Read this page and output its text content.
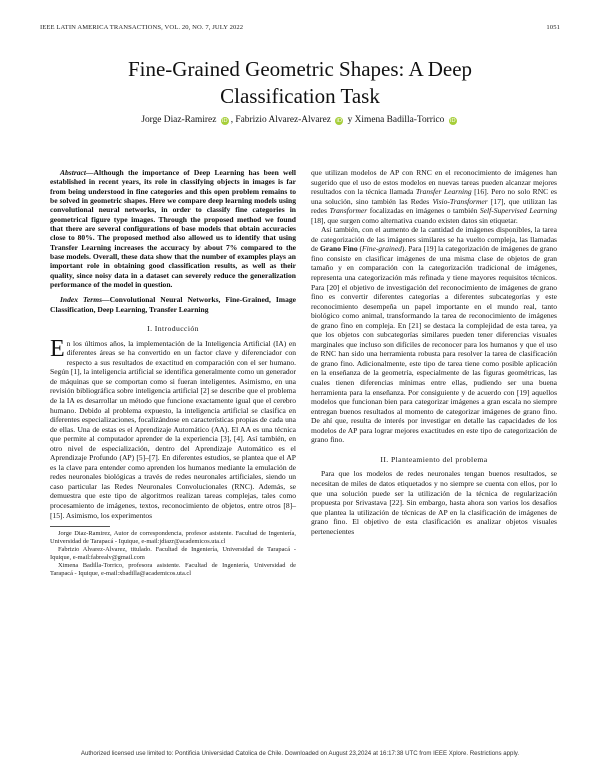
IEEE LATIN AMERICA TRANSACTIONS, VOL. 20, NO. 7, JULY 2022	1051
Fine-Grained Geometric Shapes: A Deep
Classification Task
Jorge Diaz-Ramirez iD , Fabrizio Alvarez-Alvarez iD y Ximena Badilla-Torrico iD

Abstract—Although the importance of Deep Learning has been well established in recent years, its role in classifying objects in images is far from being understood in fine categories and this open problem remains to be solved in geometric shapes. Here we compare deep learning models using convolutional neural networks, in order to classify fine categories in geometrical figure type images. Through the proposed method we found that there are several configurations of base models that obtain accuracies close to 80%. The proposed method also allowed us to identify that using Transfer Learning increases the accuracy by about 7% compared to the base models. Overall, these data show that the number of examples plays an important role in obtaining good classification results, as well as their quality, since noisy data in a dataset can severely reduce the generalization performance of the model in question.

Index Terms—Convolutional Neural Networks, Fine-Grained, Image Classification, Deep Learning, Transfer Learning

I. Introducción

En los últimos años, la implementación de la Inteligencia Artificial (IA) en diferentes áreas se ha convertido en un factor clave y diferenciador con respecto a sus resultados de exactitud en comparación con el ser humano. Según [1], la inteligencia artificial se identifica generalmente como un generador de máquinas que se comportan como si fueran inteligentes. Asimismo, en una revisión bibliográfica sobre inteligencia artificial [2] se describe que el problema de la IA es desarrollar un método que funcione exactamente igual que el cerebro humano. Debido al problema expuesto, la inteligencia artificial se clasifica en diferentes especializaciones, focalizándose en características propias de cada una de ellas. Una de estas es el Aprendizaje Automático (AA). El AA es una técnica que permite al computador aprender de la experiencia [3], [4]. Así también, en otro nivel de especialización, dentro del Aprendizaje Automático es el Aprendizaje Profundo (AP) [5]–[7]. En diferentes estudios, se plantea que el AP es la clave para entender como aprenden los humanos mediante la emulación de redes neuronales biológicas a través de redes neuronales artificiales, siendo un caso particular las Redes Neuronales Convolucionales (RNC). Además, se demuestra que este tipo de algoritmos realizan tareas complejas, tales como procesamiento de imágenes, textos, reconocimiento de objetos, entre otros [8]–[15]. Asimismo, los experimentos

Jorge Diaz-Ramirez, Autor de correspondencia, profesor asistente. Facultad de Ingeniería, Universidad de Tarapacá - Iquique, e-mail:jdiazr@academicos.uta.cl

Fabrizio Alvarez-Alvarez, titulado. Facultad de Ingeniería, Universidad de Tarapacá - Iquique, e-mail:fabrealv@gmail.com

Ximena Badilla-Torrico, profesora asistente. Facultad de Ingeniería, Universidad de Tarapacá - Iquique, e-mail:xbadilla@academicos.uta.cl

que utilizan modelos de AP con RNC en el reconocimiento de imágenes han sugerido que el uso de estos modelos en nuevas tareas pueden alcanzar mejores resultados con la técnica llamada Transfer Learning [16]. Pero no solo RNC es una solución, sino también las Redes Visio-Transformer [17], que utilizan las redes Transformer focalizadas en imágenes o también Self-Supervised Learning [18], que surgen como alternativa cuando existen datos sin etiquetar.

Así también, con el aumento de la cantidad de imágenes disponibles, la tarea de categorización de las imágenes similares se ha vuelto compleja, las llamadas de Grano Fino (Fine-grained). Para [19] la categorización de imágenes de grano fino consiste en clasificar imágenes de una misma clase de objetos de gran tamaño y en comparación con la categorización tradicional de imágenes, representa una categorización más refinada y tiene mayores requisitos técnicos. Para [20] el objetivo de investigación del reconocimiento de imágenes de grano fino es convertir diferentes categorías a diferentes subcategorías y este reconocimiento desempeña un papel importante en el mundo real, tanto biológico como animal, transformando la tarea de reconocimiento de imágenes de grano fino en compleja. En [21] se destaca la complejidad de esta tarea, ya que los objetos con subcategorías similares pueden tener diferencias visuales marginales que incluso son difíciles de reconocer para los humanos y que el uso de RNC han sido una herramienta robusta para resolver la tarea de clasificación de grano fino. Adicionalmente, este tipo de tarea tiene como posible aplicación en la enseñanza de la geometría, especialmente de las figuras geométricas, las cuales tienen diferencias mínimas entre ellas, pudiendo ser una buena herramienta para la enseñanza. Por consiguiente y de acuerdo con [19] aquellos modelos que funcionan bien para categorizar imágenes a gran escala no siempre entregan buenos resultados al momento de categorizar imágenes de grano fino. De ahí que, resulta de interés por investigar en detalle las capacidades de los modelos de AP para lograr mejores exactitudes en este tipo de categorización de grano fino.

II. Planteamiento del problema

Para que los modelos de redes neuronales tengan buenos resultados, se necesitan de miles de datos etiquetados y no siempre se cuenta con ellos, por lo que una solución puede ser la utilización de la técnica de regularización propuesta por Srivastava [22]. Sin embargo, hasta ahora son varios los desafíos que plantea la utilización de técnicas de AP en la clasificación de imágenes de grano fino. El objetivo de esta clasificación es analizar objetos visuales pertenecientes

Authorized licensed use limited to: Pontificia Universidad Catolica de Chile. Downloaded on August 23,2024 at 16:17:38 UTC from IEEE Xplore. Restrictions apply.
